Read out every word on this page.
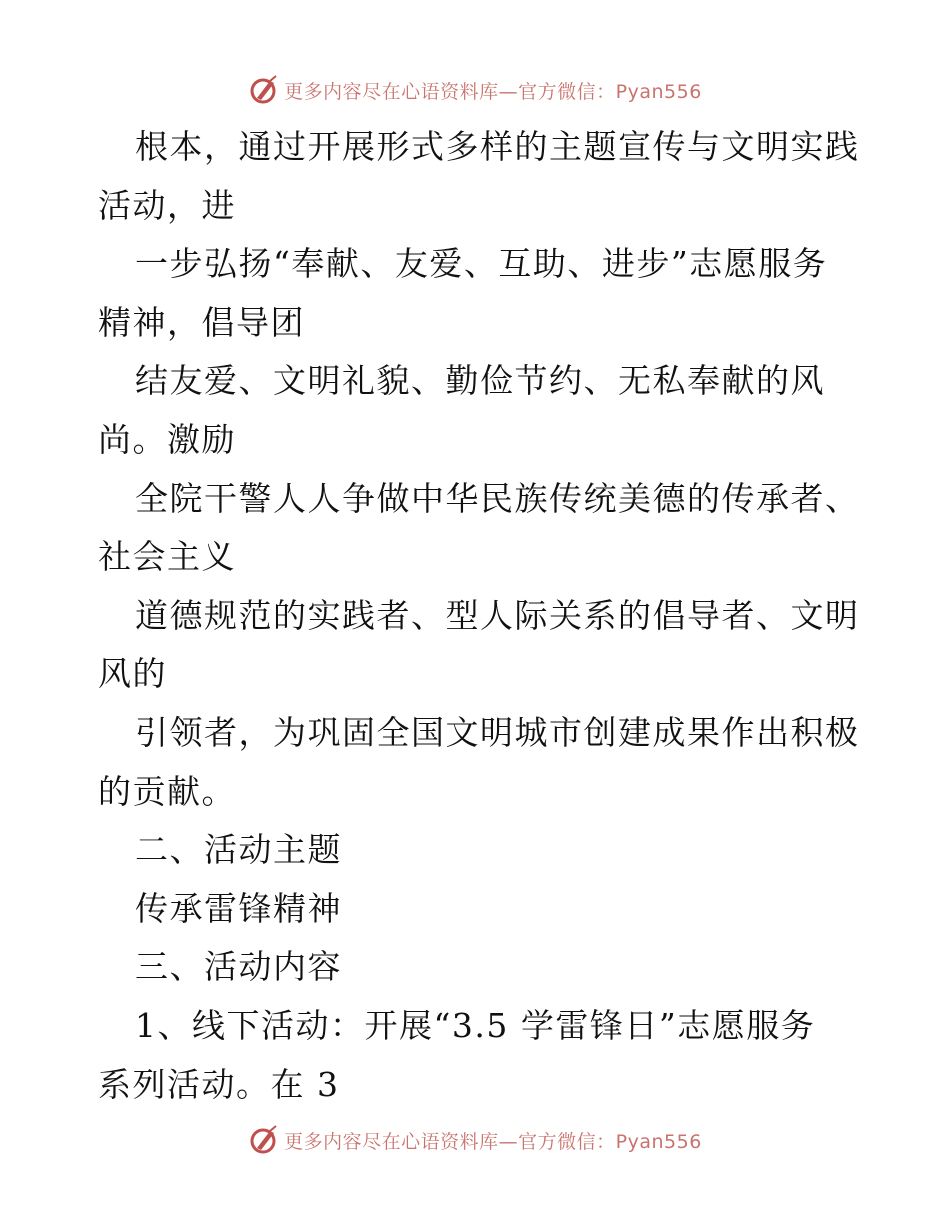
更多内容尽在心语资料库—官方微信：Pyan556
根本，通过开展形式多样的主题宣传与文明实践
活动，进
一步弘扬“奉献、友爱、互助、进步”志愿服务
精神，倡导团
结友爱、文明礼貌、勤俭节约、无私奉献的风
尚。激励
全院干警人人争做中华民族传统美德的传承者、
社会主义
道德规范的实践者、型人际关系的倡导者、文明
风的
引领者，为巩固全国文明城市创建成果作出积极
的贡献。
二、活动主题
传承雷锋精神
三、活动内容
1、线下活动：开展“3.5 学雷锋日”志愿服务
系列活动。在 3
更多内容尽在心语资料库—官方微信：Pyan556
